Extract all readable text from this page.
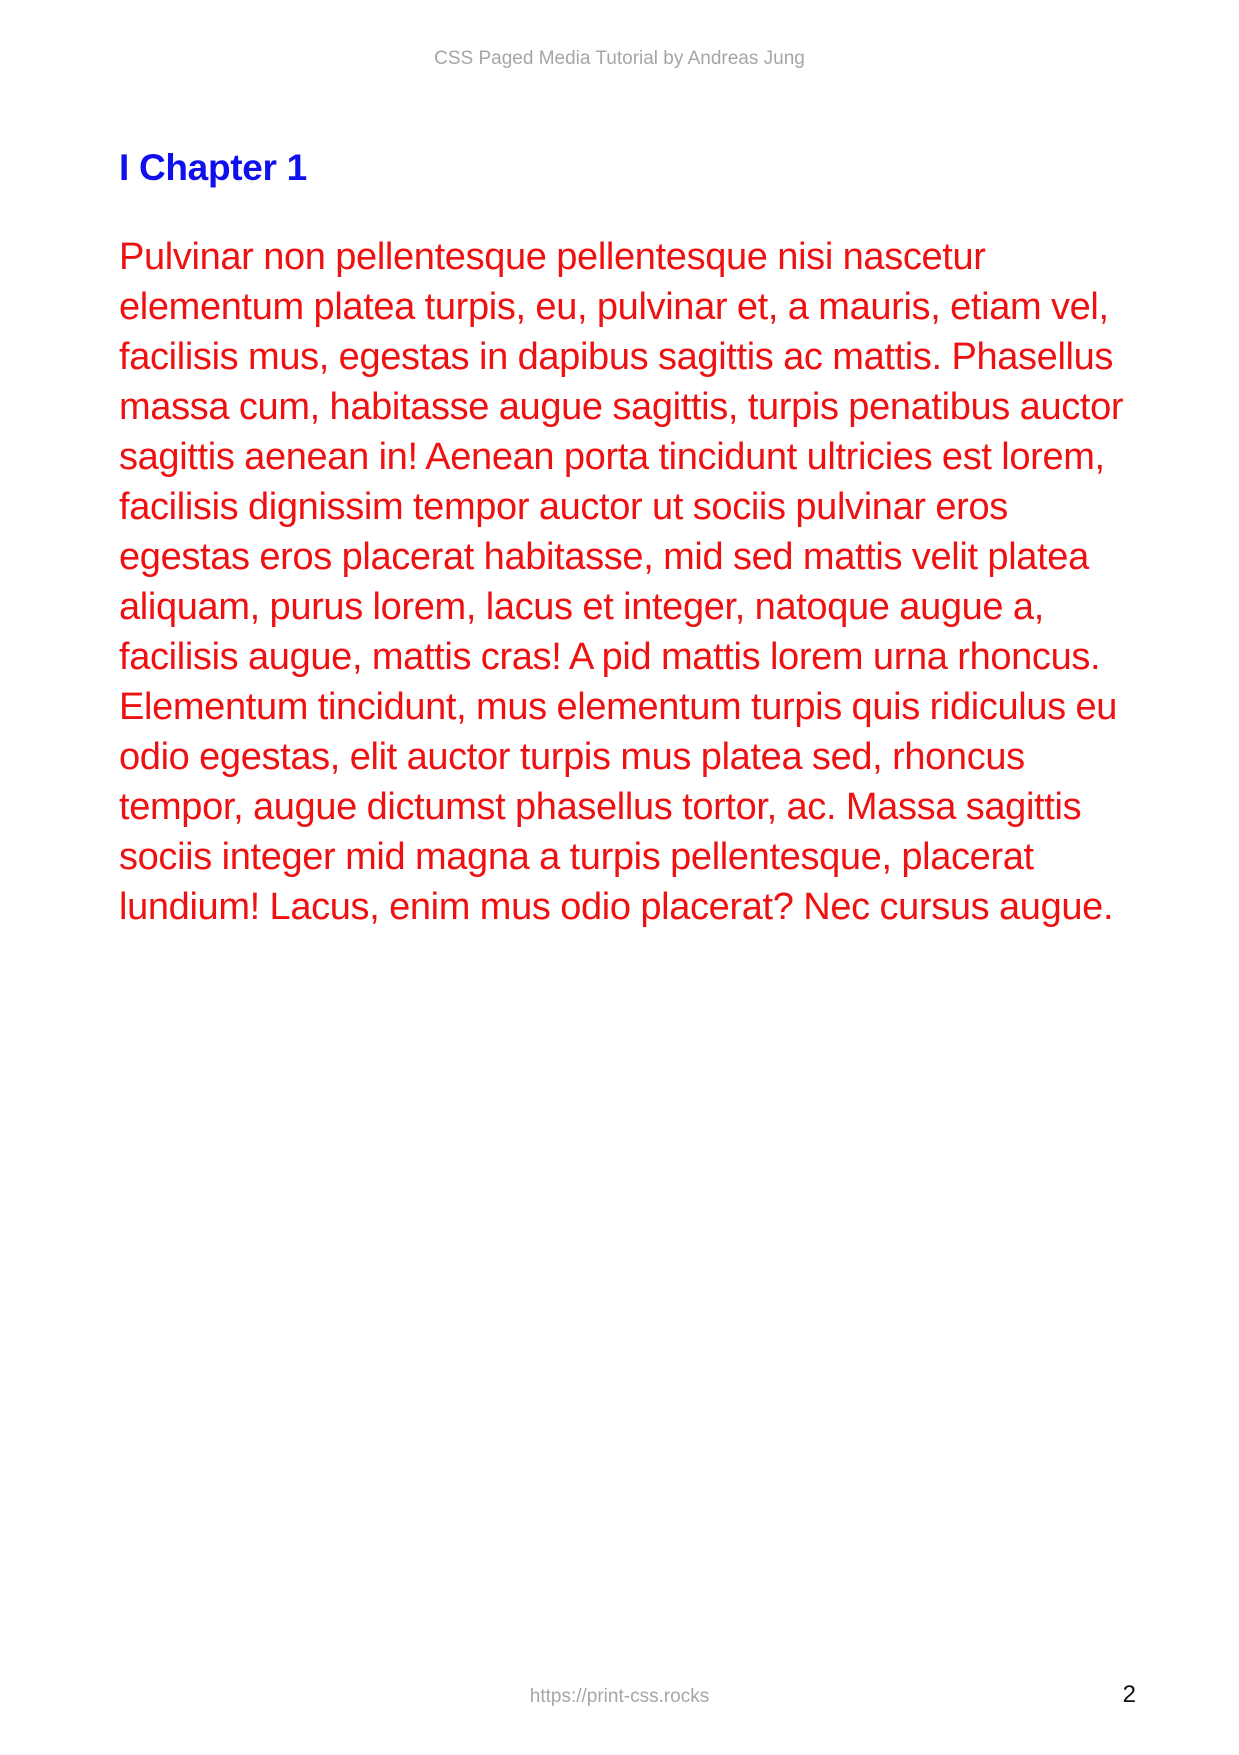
CSS Paged Media Tutorial by Andreas Jung
I Chapter 1

Pulvinar non pellentesque pellentesque nisi nascetur elementum platea turpis, eu, pulvinar et, a mauris, etiam vel, facilisis mus, egestas in dapibus sagittis ac mattis. Phasellus massa cum, habitasse augue sagittis, turpis penatibus auctor sagittis aenean in! Aenean porta tincidunt ultricies est lorem, facilisis dignissim tempor auctor ut sociis pulvinar eros egestas eros placerat habitasse, mid sed mattis velit platea aliquam, purus lorem, lacus et integer, natoque augue a, facilisis augue, mattis cras! A pid mattis lorem urna rhoncus. Elementum tincidunt, mus elementum turpis quis ridiculus eu odio egestas, elit auctor turpis mus platea sed, rhoncus tempor, augue dictumst phasellus tortor, ac. Massa sagittis sociis integer mid magna a turpis pellentesque, placerat lundium! Lacus, enim mus odio placerat? Nec cursus augue.

https://print-css.rocks	2
